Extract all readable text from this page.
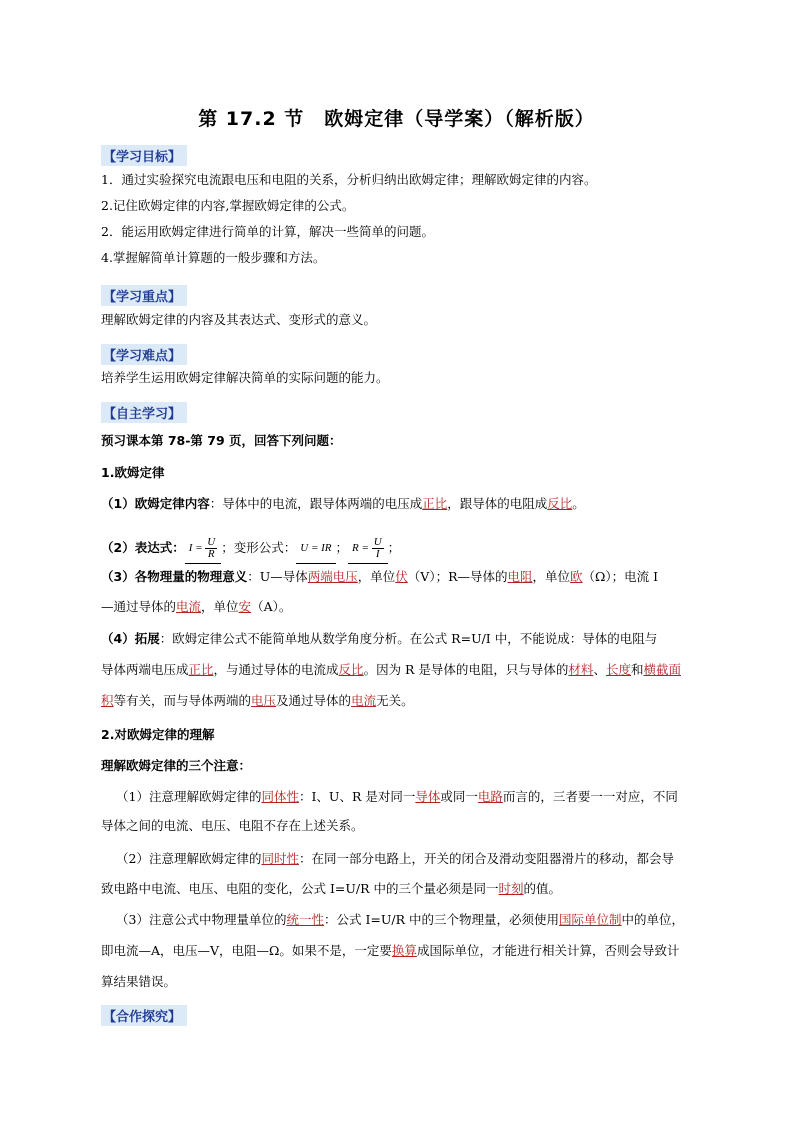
第 17.2 节　欧姆定律（导学案）（解析版）
【学习目标】
1．通过实验探究电流跟电压和电阻的关系，分析归纳出欧姆定律；理解欧姆定律的内容。
2.记住欧姆定律的内容,掌握欧姆定律的公式。
2．能运用欧姆定律进行简单的计算，解决一些简单的问题。
4.掌握解简单计算题的一般步骤和方法。
【学习重点】
理解欧姆定律的内容及其表达式、变形式的意义。
【学习难点】
培养学生运用欧姆定律解决简单的实际问题的能力。
【自主学习】
预习课本第 78-第 79 页，回答下列问题：
1.欧姆定律
（1）欧姆定律内容：导体中的电流，跟导体两端的电压成正比，跟导体的电阻成反比。
（2）表达式： $I = \frac{U}{R}$ ；变形公式： U = IR ； $R = \frac{U}{I}$ ；
（3）各物理量的物理意义：U—导体两端电压，单位伏（V）；R—导体的电阻，单位欧（Ω）；电流 I
—通过导体的电流，单位安（A）。
（4）拓展：欧姆定律公式不能简单地从数学角度分析。在公式 R=U/I 中，不能说成：导体的电阻与
导体两端电压成正比，与通过导体的电流成反比。因为 R 是导体的电阻，只与导体的材料、长度和横截面
积等有关，而与导体两端的电压及通过导体的电流无关。
2.对欧姆定律的理解
理解欧姆定律的三个注意：
（1）注意理解欧姆定律的同体性：I、U、R 是对同一导体或同一电路而言的，三者要一一对应，不同
导体之间的电流、电压、电阻不存在上述关系。
（2）注意理解欧姆定律的同时性：在同一部分电路上，开关的闭合及滑动变阻器滑片的移动，都会导
致电路中电流、电压、电阻的变化，公式 I=U/R 中的三个量必须是同一时刻的值。
（3）注意公式中物理量单位的统一性：公式 I=U/R 中的三个物理量，必须使用国际单位制中的单位，
即电流—A，电压—V，电阻—Ω。如果不是，一定要换算成国际单位，才能进行相关计算，否则会导致计
算结果错误。
【合作探究】
